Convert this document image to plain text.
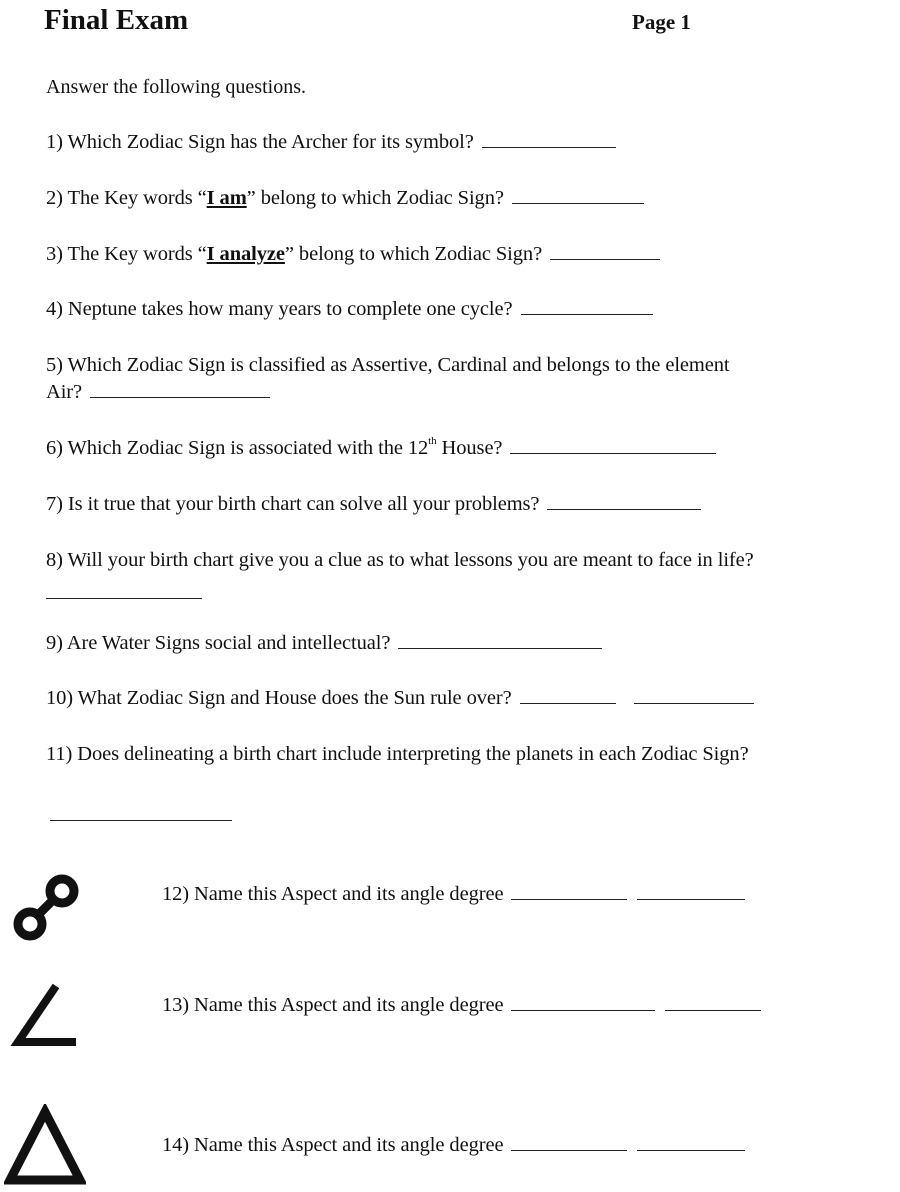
Final Exam	Page 1
Answer the following questions.
1) Which Zodiac Sign has the Archer for its symbol?
2) The Key words “I am” belong to which Zodiac Sign?
3) The Key words “I analyze” belong to which Zodiac Sign?
4) Neptune takes how many years to complete one cycle?
5) Which Zodiac Sign is classified as Assertive, Cardinal and belongs to the element
Air?
6) Which Zodiac Sign is associated with the 12th House?
7) Is it true that your birth chart can solve all your problems?
8) Will your birth chart give you a clue as to what lessons you are meant to face in life?
9) Are Water Signs social and intellectual?
10) What Zodiac Sign and House does the Sun rule over?
11) Does delineating a birth chart include interpreting the planets in each Zodiac Sign?
12) Name this Aspect and its angle degree
13) Name this Aspect and its angle degree
14) Name this Aspect and its angle degree
